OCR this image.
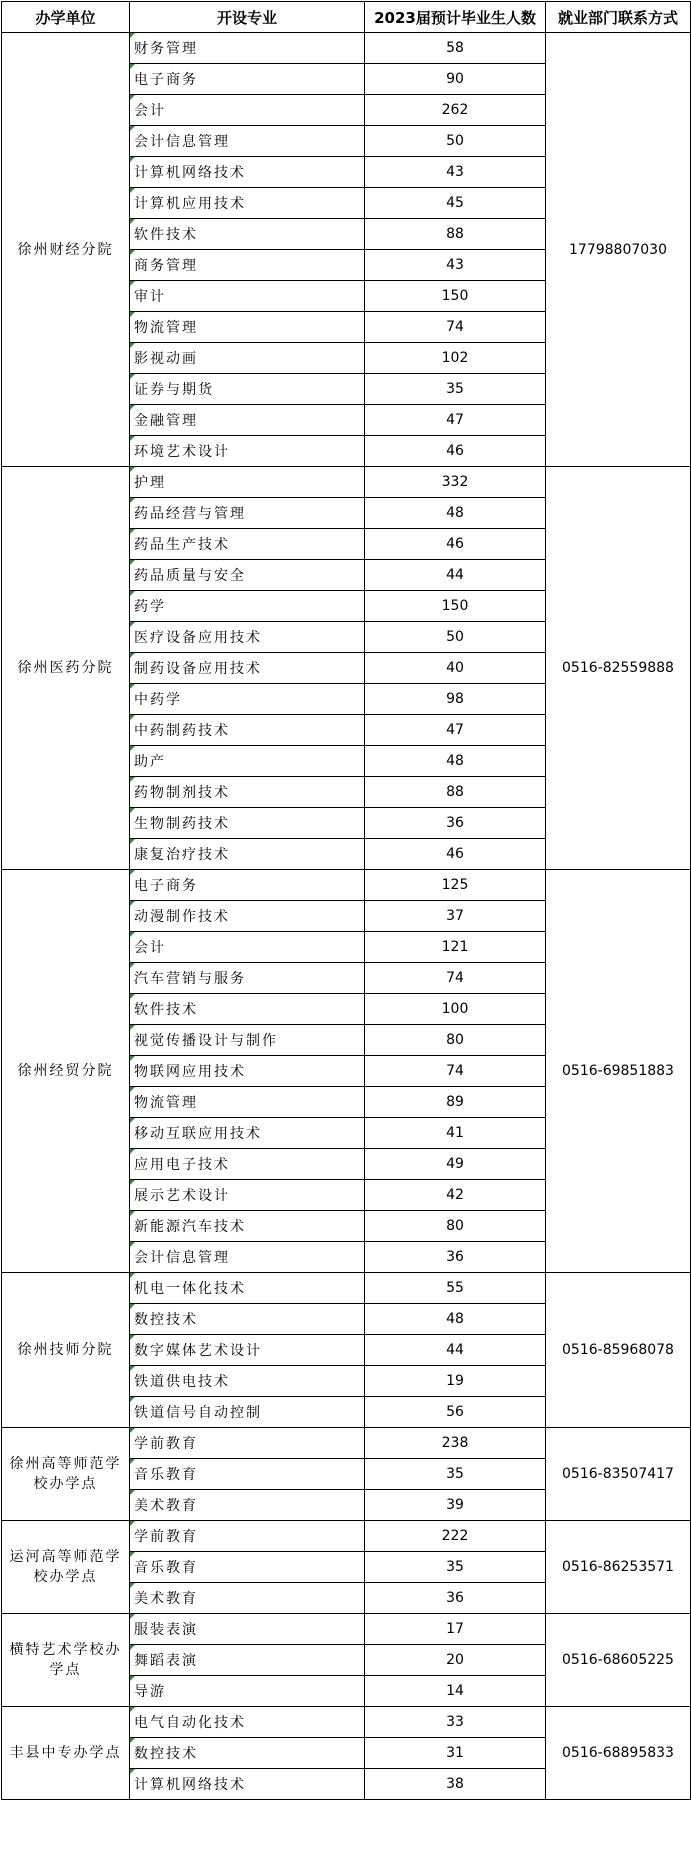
办学单位	开设专业	2023届预计毕业生人数	就业部门联系方式
徐州财经分院	财务管理	58	17798807030
	电子商务	90	
	会计	262	
	会计信息管理	50	
	计算机网络技术	43	
	计算机应用技术	45	
	软件技术	88	
	商务管理	43	
	审计	150	
	物流管理	74	
	影视动画	102	
	证券与期货	35	
	金融管理	47	
	环境艺术设计	46	
徐州医药分院	护理	332	0516-82559888
	药品经营与管理	48	
	药品生产技术	46	
	药品质量与安全	44	
	药学	150	
	医疗设备应用技术	50	
	制药设备应用技术	40	
	中药学	98	
	中药制药技术	47	
	助产	48	
	药物制剂技术	88	
	生物制药技术	36	
	康复治疗技术	46	
徐州经贸分院	电子商务	125	0516-69851883
	动漫制作技术	37	
	会计	121	
	汽车营销与服务	74	
	软件技术	100	
	视觉传播设计与制作	80	
	物联网应用技术	74	
	物流管理	89	
	移动互联应用技术	41	
	应用电子技术	49	
	展示艺术设计	42	
	新能源汽车技术	80	
	会计信息管理	36	
徐州技师分院	机电一体化技术	55	0516-85968078
	数控技术	48	
	数字媒体艺术设计	44	
	铁道供电技术	19	
	铁道信号自动控制	56	
徐州高等师范学校办学点	学前教育	238	0516-83507417
	音乐教育	35	
	美术教育	39	
运河高等师范学校办学点	学前教育	222	0516-86253571
	音乐教育	35	
	美术教育	36	
横特艺术学校办学点	服装表演	17	0516-68605225
	舞蹈表演	20	
	导游	14	
丰县中专办学点	电气自动化技术	33	0516-68895833
	数控技术	31	
	计算机网络技术	38	
